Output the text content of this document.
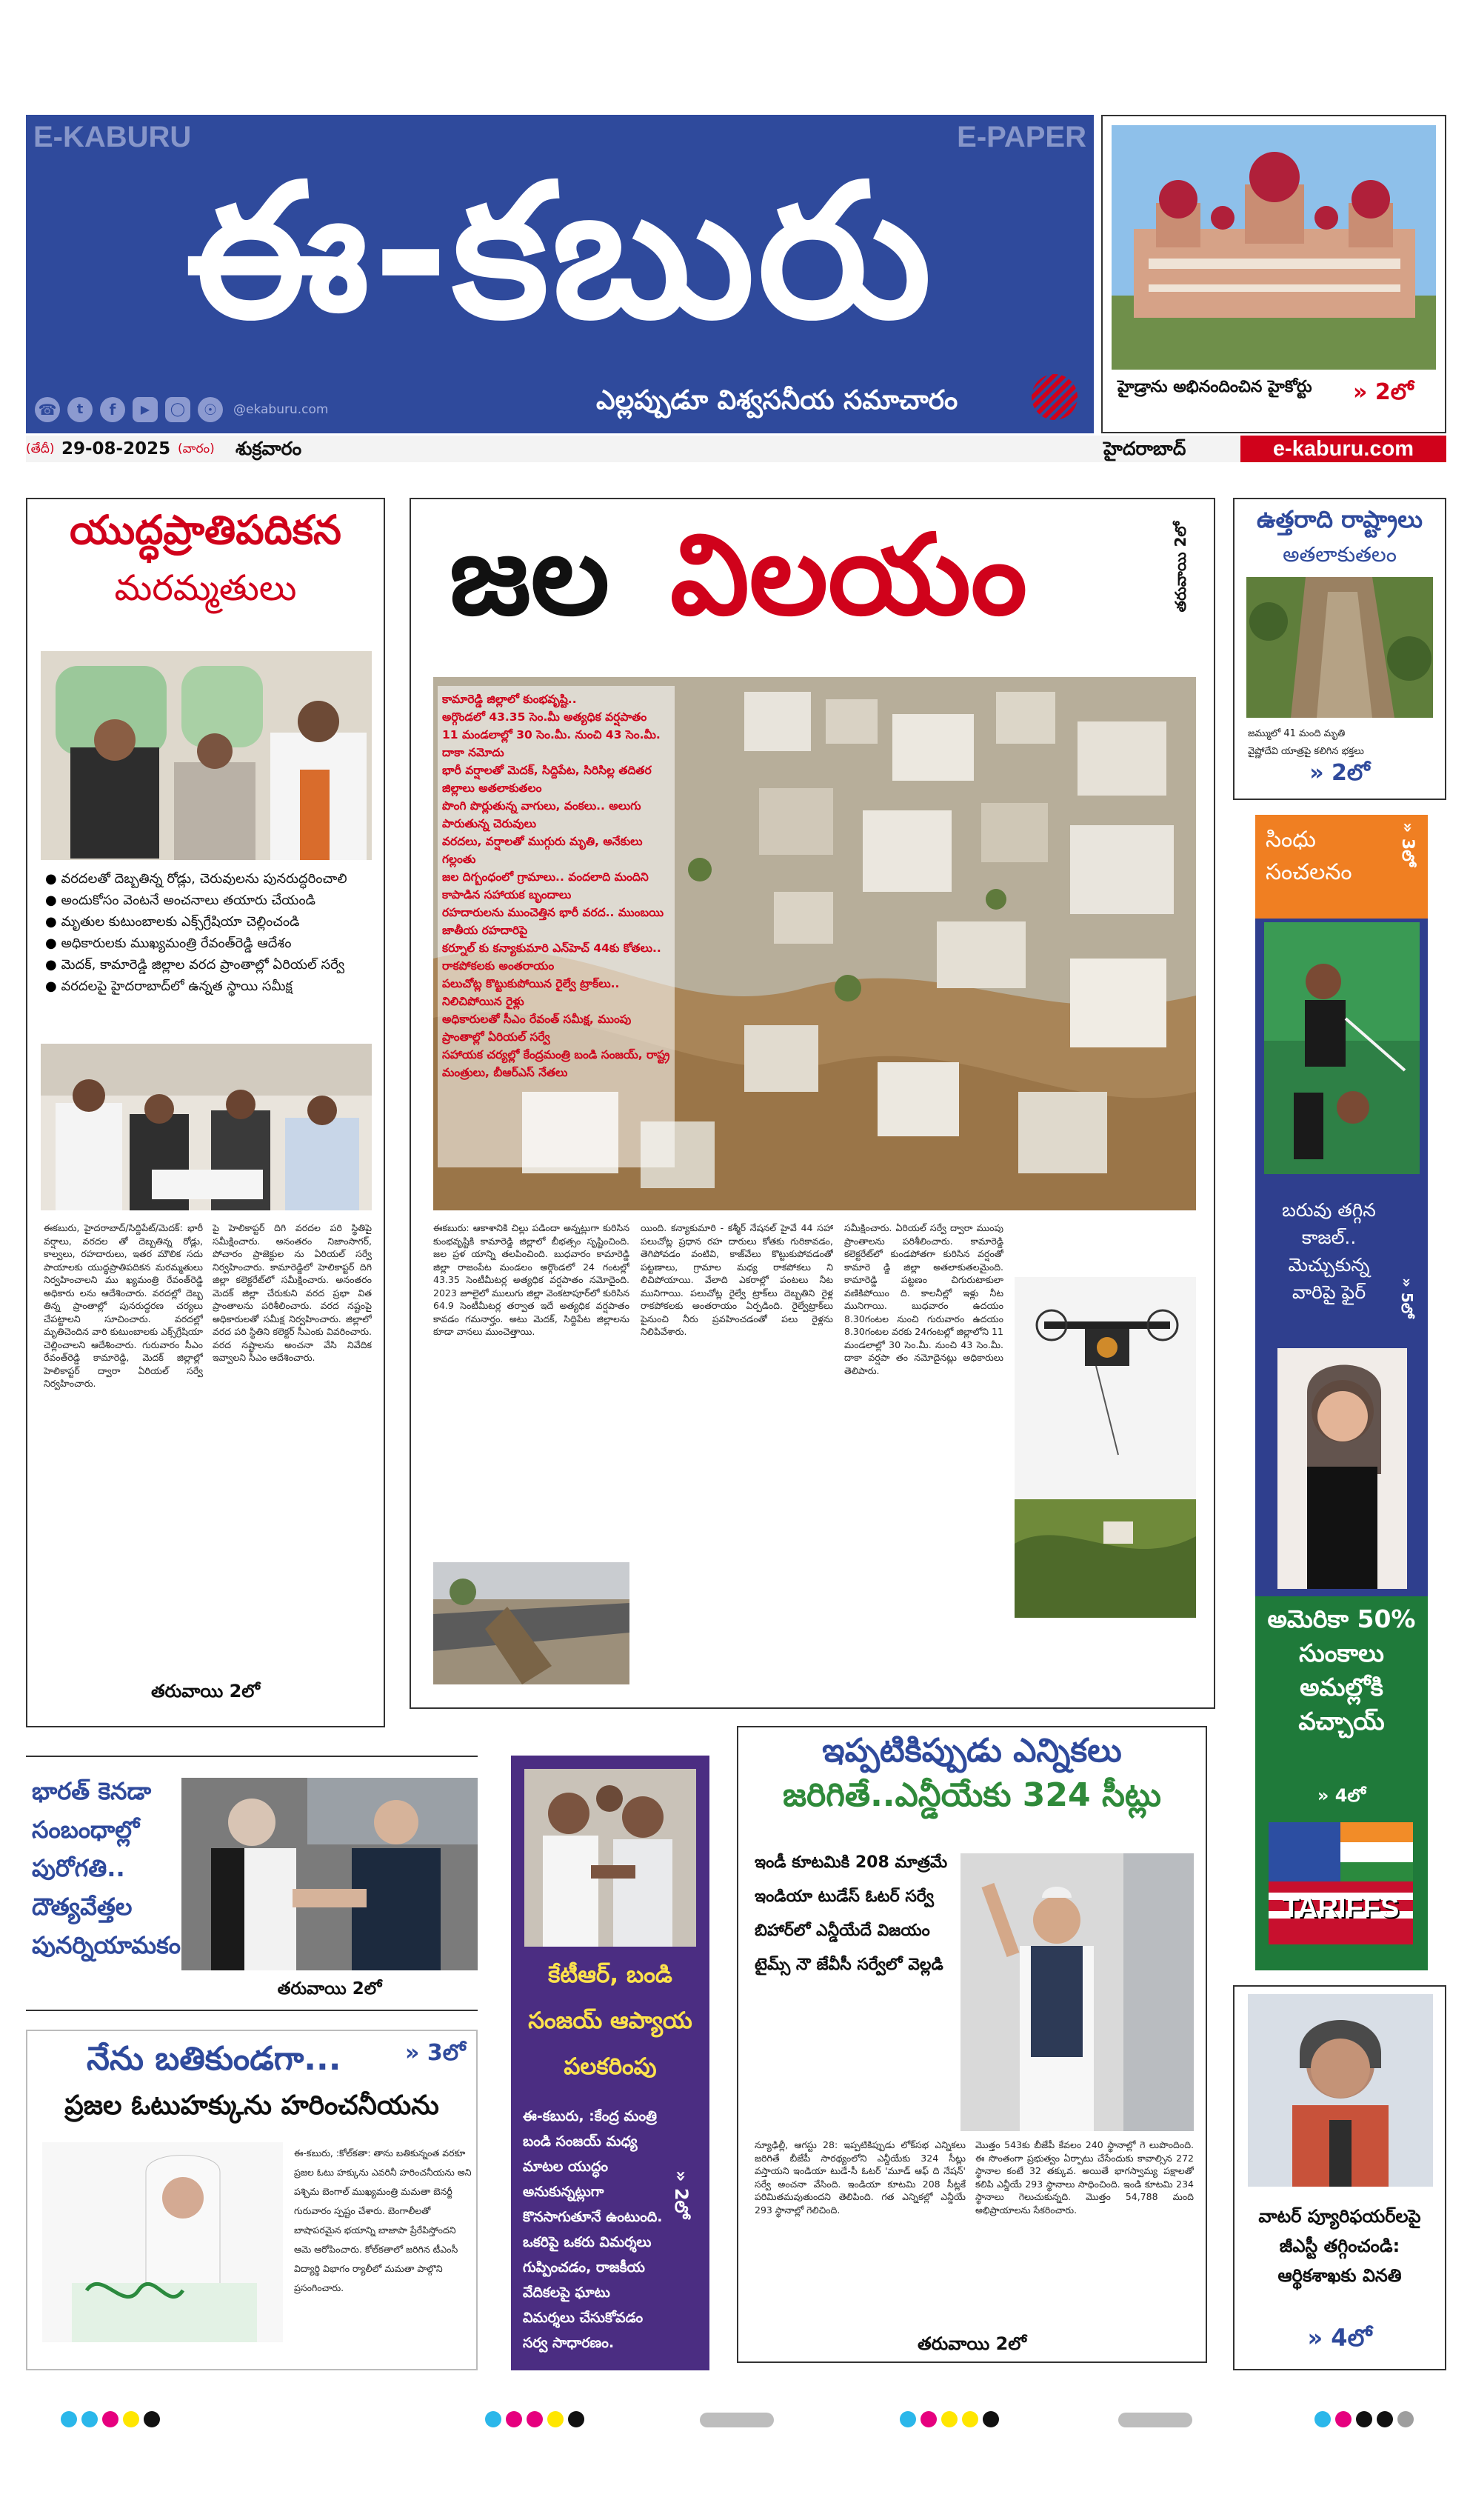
E-KABURU	E-PAPER
ఈ-కబురు
☎	t	f	▶	◯	☉	@ekaburu.com	ఎల్లప్పుడూ విశ్వసనీయ సమాచారం
(తేదీ) 29-08-2025 (వారం) శుక్రవారం	హైదరాబాద్	e-kaburu.com
హైడ్రాను అభినందించిన హైకోర్టు	» 2లో
యుద్ధప్రాతిపదికన
మరమ్మతులు
● వరదలతో దెబ్బతిన్న రోడ్లు, చెరువులను పునరుద్ధరించాలి
● అందుకోసం వెంటనే అంచనాలు తయారు చేయండి
● మృతుల కుటుంబాలకు ఎక్స్‌గ్రేషియా చెల్లించండి
● అధికారులకు ముఖ్యమంత్రి రేవంత్‌రెడ్డి ఆదేశం
● మెదక్, కామారెడ్డి జిల్లాల వరద ప్రాంతాల్లో ఏరియల్ సర్వే
● వరదలపై హైదరాబాద్‌లో ఉన్నత స్థాయి సమీక్ష
ఈకబురు, హైదరాబాద్/సిద్దిపేట్/మెదక్: భారీ వర్షాలు, వరదల తో దెబ్బతిన్న రోడ్లు, కాల్వలు, రహదారులు, ఇతర మౌలిక సదు పాయాలకు యుద్ధప్రాతిపదికన మరమ్మతులు నిర్వహించాలని ము ఖ్యమంత్రి రేవంత్‌రెడ్డి అధికారు లను ఆదేశించారు. వరదల్లో దెబ్బ తిన్న ప్రాంతాల్లో పునరుద్ధరణ చర్యలు చేపట్టాలని సూచించారు. వరదల్లో మృతిచెందిన వారి కుటుంబాలకు ఎక్స్‌గ్రేషియా చెల్లించాలని ఆదేశించారు. గురువారం సీఎం రేవంత్‌రెడ్డి కామారెడ్డి, మెదక్ జిల్లాల్లో హెలికాప్టర్ ద్వారా ఏరియల్ సర్వే నిర్వహించారు.
పై హెలికాప్టర్ దిగి వరదల పరి స్థితిపై సమీక్షించారు. అనంతరం నిజాంసాగర్, పోచారం ప్రాజెక్టుల ను ఏరియల్ సర్వే నిర్వహించారు. కామారెడ్డిలో హెలికాప్టర్ దిగి జిల్లా కలెక్టరేట్‌లో సమీక్షించారు. అనంతరం మెదక్ జిల్లా చేరుకుని వరద ప్రభా విత ప్రాంతాలను పరిశీలించారు. వరద నష్టంపై అధికారులతో సమీక్ష నిర్వహించారు. జిల్లాలో వరద పరి స్థితిని కలెక్టర్ సీఎంకు వివరించారు. వరద నష్టాలను అంచనా వేసి నివేదిక ఇవ్వాలని సీఎం ఆదేశించారు.
తరువాయి 2లో
జల విలయం	తరువాయి 2లో
కామారెడ్డి జిల్లాలో కుంభవృష్టి..
అర్గొండలో 43.35 సెం.మీ అత్యధిక వర్షపాతం
11 మండలాల్లో 30 సెం.మీ. నుంచి 43 సెం.మీ. దాకా నమోదు
భారీ వర్షాలతో మెదక్, సిద్దిపేట, సిరిసిల్ల తదితర జిల్లాలు అతలాకుతలం
పొంగి పొర్లుతున్న వాగులు, వంకలు.. అలుగు పారుతున్న చెరువులు
వరదలు, వర్షాలతో ముగ్గురు మృతి, అనేకులు గల్లంతు
జల దిగ్బంధంలో గ్రామాలు.. వందలాది మందిని కాపాడిన సహాయక బృందాలు
రహదారులను ముంచెత్తిన భారీ వరద.. ముంబయి జాతీయ రహదారిపై
కర్నూల్ కు కన్యాకుమారి ఎన్‌హెచ్ 44కు కోతలు.. రాకపోకలకు అంతరాయం
పలుచోట్ల కొట్టుకుపోయిన రైల్వే ట్రాక్‌లు.. నిలిచిపోయిన రైళ్లు
అధికారులతో సీఎం రేవంత్ సమీక్ష, ముంపు ప్రాంతాల్లో ఏరియల్ సర్వే
సహాయక చర్యల్లో కేంద్రమంత్రి బండి సంజయ్, రాష్ట్ర మంత్రులు, బీఆర్ఎస్ నేతలు
ఈకబురు: ఆకాశానికి చిల్లు పడిందా అన్నట్లుగా కురిసిన కుంభవృష్టికి కామారెడ్డి జిల్లాలో బీభత్సం సృష్టించింది. జల ప్రళ యాన్ని తలపించింది. బుధవారం కామారెడ్డి జిల్లా రాజంపేట మండలం అర్గొండలో 24 గంటల్లో 43.35 సెంటీమీటర్ల అత్యధిక వర్షపాతం నమోదైంది. 2023 జూలైలో ములుగు జిల్లా వెంకటాపూర్‌లో కురిసిన 64.9 సెంటీమీటర్ల తర్వాత ఇదే అత్యధిక వర్షపాతం కావడం గమనార్హం. అటు మెదక్, సిద్దిపేట జిల్లాలను కూడా వానలు ముంచెత్తాయి.
యింది. కన్యాకుమారి - కశ్మీర్ నేషనల్ హైవే 44 సహా పలుచోట్ల ప్రధాన రహ దారులు కోతకు గురికావడం, తెగిపోవడం వంటివి, కాజ్‌వేలు కొట్టుకుపోవడంతో పట్టణాలు, గ్రామాల మధ్య రాకపోకలు ని లిచిపోయాయి. వేలాది ఎకరాల్లో పంటలు నీట మునిగాయి. పలుచోట్ల రైల్వే ట్రాక్‌లు దెబ్బతిని రైళ్ల రాకపోకలకు అంతరాయం ఏర్పడింది. రైల్వేట్రాక్‌లు పైనుంచి నీరు ప్రవహించడంతో పలు రైళ్లను నిలిపివేశారు.
సమీక్షించారు. ఏరియల్ సర్వే ద్వారా ముంపు ప్రాంతాలను పరిశీలించారు. కామారెడ్డి కలెక్టరేట్‌లో కుండపోతగా కురిసిన వర్షంతో కామారె డ్డి జిల్లా అతలాకుతలమైంది. కామారెడ్డి పట్టణం చిగురుటాకులా వణికిపోయిం ది. కాలనీల్లో ఇళ్లు నీట మునిగాయి. బుధవారం ఉదయం 8.30గంటల నుంచి గురువారం ఉదయం 8.30గంటల వరకు 24గంటల్లో జిల్లాలోని 11 మండలాల్లో 30 సెం.మీ. నుంచి 43 సెం.మీ. దాకా వర్షపా తం నమోదైనట్లు అధికారులు తెలిపారు.
ఉత్తరాది రాష్ట్రాలు
అతలాకుతలం
జమ్ములో 41 మంది మృతి
వైష్ణోదేవి యాత్రపై కలిగిన భక్తలు
» 2లో
సింధు సంచలనం
» 3లో
బరువు తగ్గిన కాజల్.. మెచ్చుకున్న వారిపై ఫైర్	» 5లో
అమెరికా 50% సుంకాలు అమల్లోకి వచ్చాయ్
» 4లో
TARIFFS
భారత్ కెనడా సంబంధాల్లో పురోగతి.. దౌత్యవేత్తల పునర్నియామకం
తరువాయి 2లో
కేటీఆర్, బండి సంజయ్ ఆప్యాయ పలకరింపు
ఈ-కబురు, :కేంద్ర మంత్రి బండి సంజయ్ మధ్య మాటల యుద్ధం అనుకున్నట్లుగా కొనసాగుతూనే ఉంటుంది. ఒకరిపై ఒకరు విమర్శలు గుప్పించడం, రాజకీయ వేదికలపై ఘాటు విమర్శలు చేసుకోవడం సర్వ సాధారణం.
» 2లో
ఇప్పటికిప్పుడు ఎన్నికలు
జరిగితే..ఎన్డీయేకు 324 సీట్లు
ఇండీ కూటమికి 208 మాత్రమే
ఇండియా టుడేస్ ఓటర్ సర్వే
బిహార్‌లో ఎన్డీయేదే విజయం
టైమ్స్ నౌ జేవీసీ సర్వేలో వెల్లడి
న్యూఢిల్లీ, ఆగస్టు 28: ఇప్పటికిప్పుడు లోక్‌సభ ఎన్నికలు జరిగితే బీజేపీ సారథ్యంలోని ఎన్డీయేకు 324 సీట్లు వస్తాయని ఇండియా టుడే-సీ ఓటర్ 'మూడ్ ఆఫ్ ది నేషన్' సర్వే అంచనా వేసింది. ఇండియా కూటమి 208 సీట్లకే పరిమితమవుతుందని తెలిపింది. గత ఎన్నికల్లో ఎన్డీయే 293 స్థానాల్లో గెలిచింది.
మొత్తం 543కు బీజేపీ కేవలం 240 స్థానాల్లో గె లుపొందింది. ఈ సొంతంగా ప్రభుత్వం ఏర్పాటు చేసేందుకు కావాల్సిన 272 స్థానాల కంటే 32 తక్కువ. అయితే భాగస్వామ్య పక్షాలతో కలిపి ఎన్డీయే 293 స్థానాలు సాధించింది. ఇండి కూటమి 234 స్థానాలు గెలుచుకున్నది. మొత్తం 54,788 మంది అభిప్రాయాలను సేకరించారు.
తరువాయి 2లో
నేను బతికుండగా...	» 3లో
ప్రజల ఓటుహక్కును హరించనీయను
ఈ-కబురు, :కోల్‌కతా: తాను బతికున్నంత వరకూ ప్రజల ఓటు హక్కును ఎవరినీ హరించనీయను అని పశ్చిమ బెంగాల్ ముఖ్యమంత్రి మమతా బెనర్జీ గురువారం స్పష్టం చేశారు. బెంగాలీలతో బాషాపరమైన భయాన్ని బాజాపా ప్రేరేపిస్తోందని ఆమె ఆరోపించారు. కోల్‌కతాలో జరిగిన టీఎంసీ విద్యార్థి విభాగం ర్యాలీలో మమతా పాల్గొని ప్రసంగించారు.
వాటర్ ప్యూరిఫయర్‌లపై జీఎస్టీ తగ్గించండి: ఆర్థికశాఖకు వినతి
» 4లో
